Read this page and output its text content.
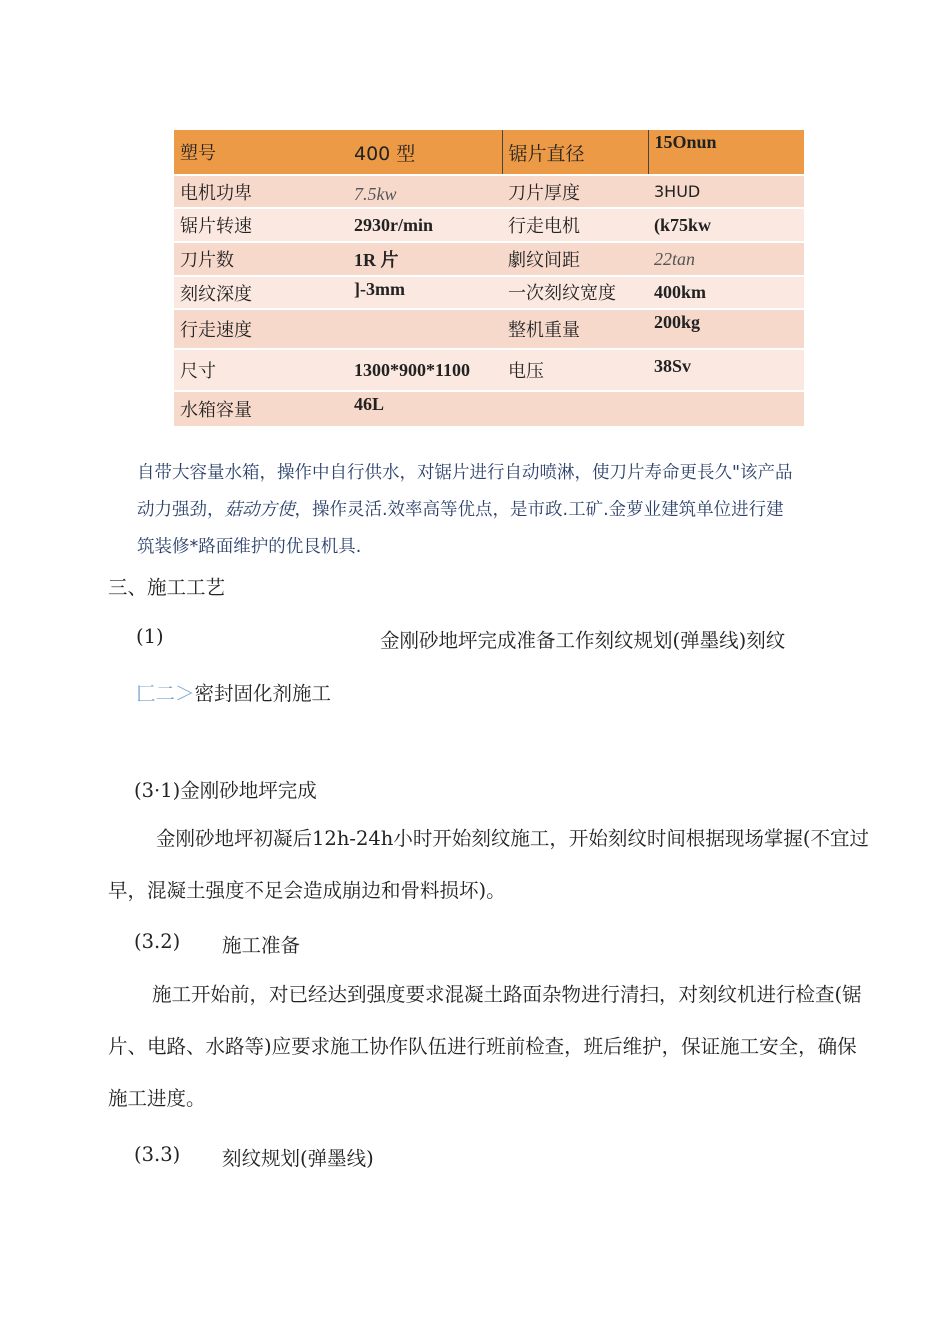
塑号	400 型	锯片直径	15Onun
电机功卑	7.5kw	刀片厚度	3HUD
锯片转速	2930r/min	行走电机	(k75kw
刀片数	1R 片	劇纹间距	22tan
刻纹深度	]-3mm	一次刻纹宽度	400km
行走速度		整机重量	200kg
尺寸	1300*900*1100	电压	38Sv
水箱容量	46L		
自带大容量水箱，操作中自行供水，对锯片进行自动喷淋，使刀片寿命更長久"该产品
动力强劲，菇动方使，操作灵活.效率高等优点，是市政.工矿.金萝业建筑单位进行建
筑装修*路面维护的优艮机具.
三、施工工艺
(1)	金刚砂地坪完成准备工作刻纹规划(弹墨线)刻纹
匚二＞密封固化剂施工
(3·1)金刚砂地坪完成
金刚砂地坪初凝后12h-24h小时开始刻纹施工，开始刻纹时间根据现场掌握(不宜过早，混凝土强度不足会造成崩边和骨料损坏)。
(3.2) 施工准备
施工开始前，对已经达到强度要求混凝土路面杂物进行清扫，对刻纹机进行检查(锯片、电路、水路等)应要求施工协作队伍进行班前检查，班后维护，保证施工安全，确保施工进度。
(3.3) 刻纹规划(弹墨线)
